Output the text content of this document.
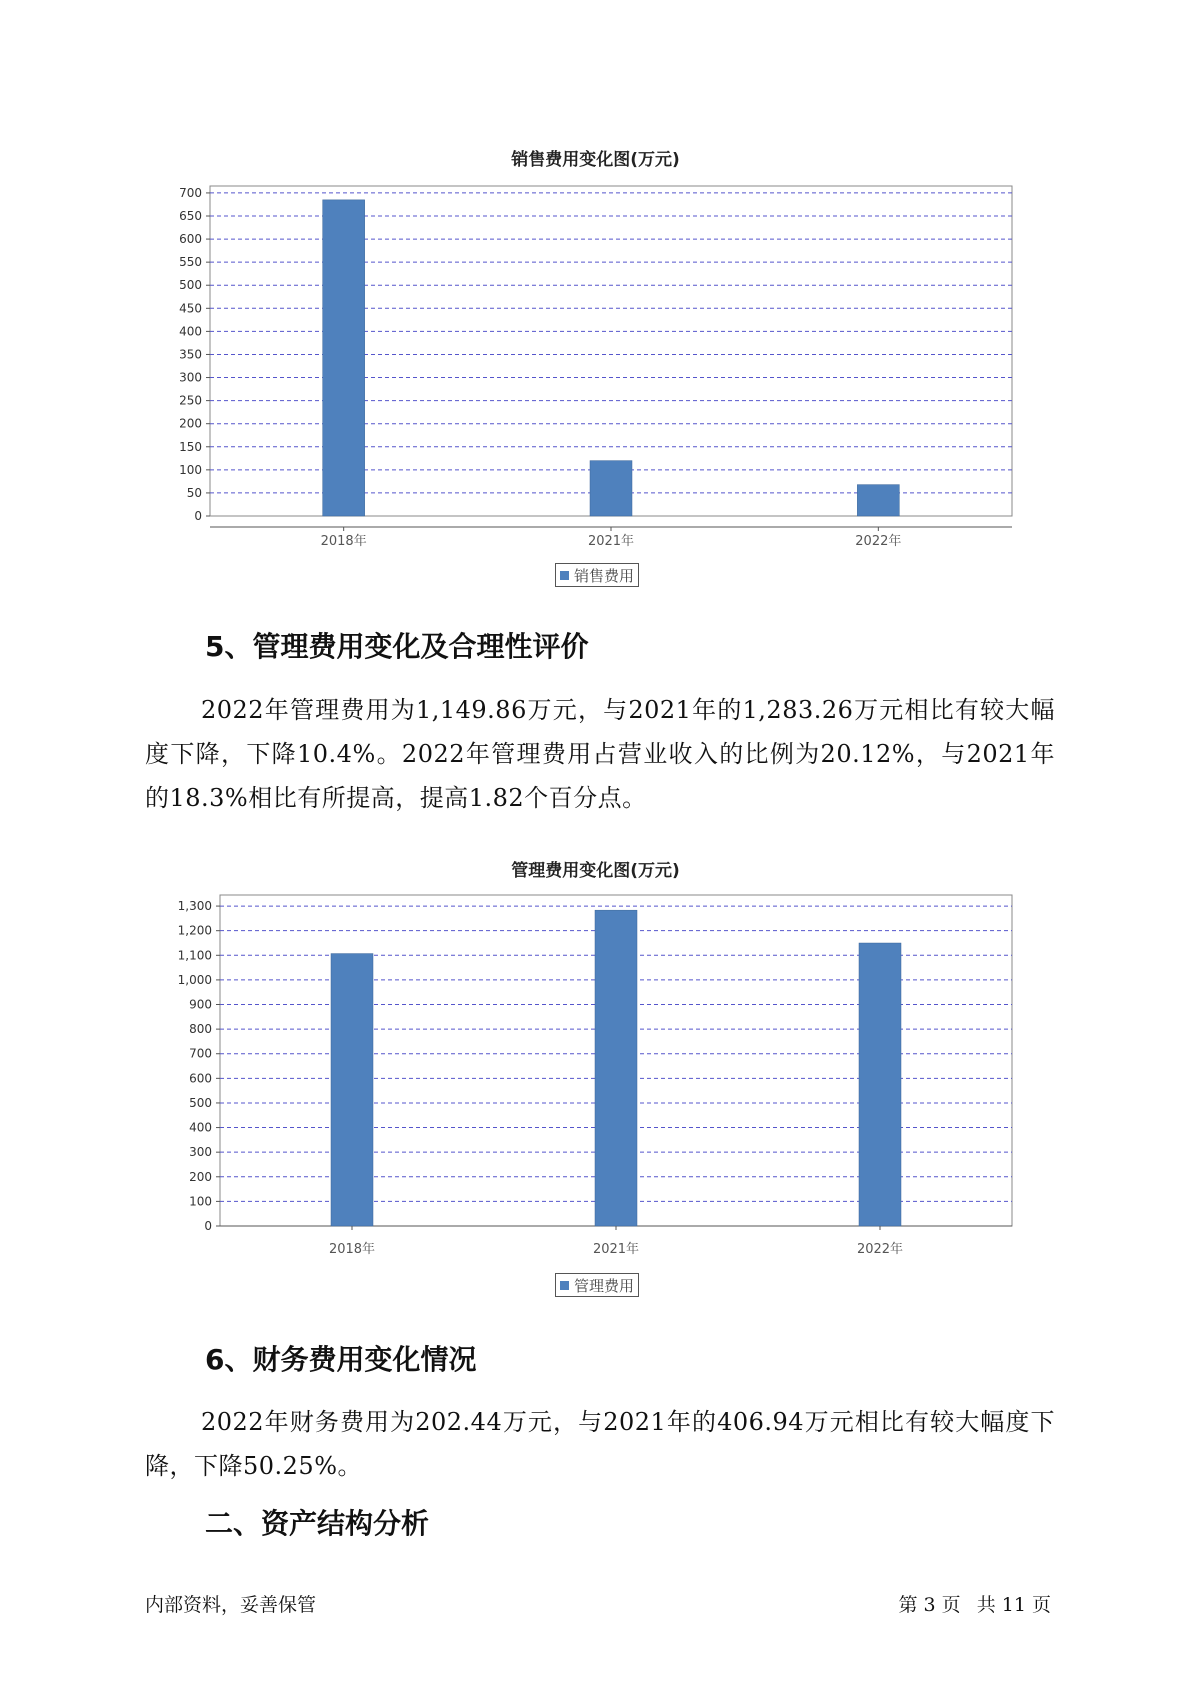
销售费用变化图(万元)
0
50
100
150
200
250
300
350
400
450
500
550
600
650
700
2018年	2021年	2022年
销售费用
5、管理费用变化及合理性评价

2022年管理费用为1,149.86万元，与2021年的1,283.26万元相比有较大幅度下降，下降10.4%。2022年管理费用占营业收入的比例为20.12%，与2021年的18.3%相比有所提高，提高1.82个百分点。

管理费用变化图(万元)
0
100
200
300
400
500
600
700
800
900
1,000
1,100
1,200
1,300
2018年	2021年	2022年
管理费用
6、财务费用变化情况

2022年财务费用为202.44万元，与2021年的406.94万元相比有较大幅度下降，下降50.25%。

二、资产结构分析
内部资料，妥善保管	第 3 页 共 11 页
